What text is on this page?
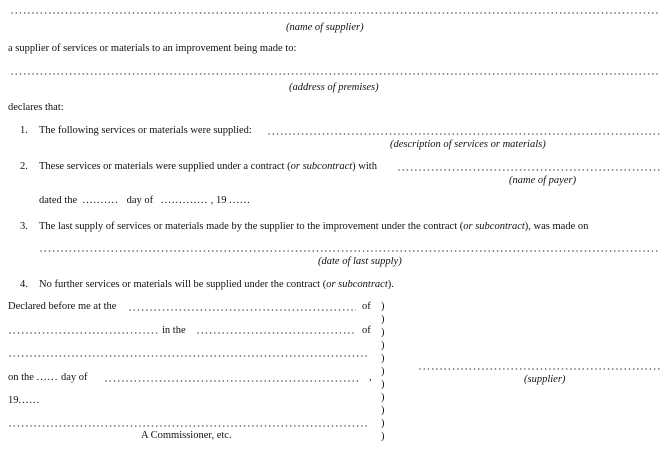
(name of supplier)
a supplier of services or materials to an improvement being made to:
(address of premises)
declares that:
1. The following services or materials were supplied:
(description of services or materials)
2. These services or materials were supplied under a contract (or subcontract) with
(name of payer)
dated the .......... day of ............. , 19 ......
3. The last supply of services or materials made by the supplier to the improvement under the contract (or subcontract), was made on
(date of last supply)
4. No further services or materials will be supplied under the contract (or subcontract).
Declared before me at the	of
in the	of
on the ...... day of	,
19......
A Commissioner, etc.
)
)
)
)
)
)
)
)
)
)
)
(supplier)
